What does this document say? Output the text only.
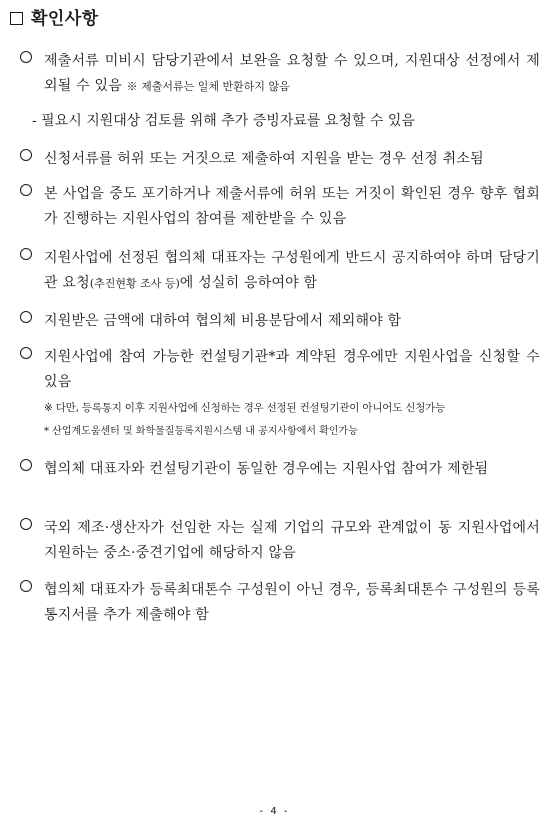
확인사항
제출서류 미비시 담당기관에서 보완을 요청할 수 있으며, 지원대상 선정에서 제외될 수 있음 ※ 제출서류는 일체 반환하지 않음
- 필요시 지원대상 검토를 위해 추가 증빙자료를 요청할 수 있음
신청서류를 허위 또는 거짓으로 제출하여 지원을 받는 경우 선정 취소됨
본 사업을 중도 포기하거나 제출서류에 허위 또는 거짓이 확인된 경우 향후 협회가 진행하는 지원사업의 참여를 제한받을 수 있음
지원사업에 선정된 협의체 대표자는 구성원에게 반드시 공지하여야 하며 담당기관 요청(추진현황 조사 등)에 성실히 응하여야 함
지원받은 금액에 대하여 협의체 비용분담에서 제외해야 함
지원사업에 참여 가능한 컨설팅기관*과 계약된 경우에만 지원사업을 신청할 수 있음
※ 다만, 등록통지 이후 지원사업에 신청하는 경우 선정된 컨설팅기관이 아니어도 신청가능
* 산업계도움센터 및 화학물질등록지원시스템 내 공지사항에서 확인가능
협의체 대표자와 컨설팅기관이 동일한 경우에는 지원사업 참여가 제한됨
국외 제조·생산자가 선임한 자는 실제 기업의 규모와 관계없이 동 지원사업에서 지원하는 중소·중견기업에 해당하지 않음
협의체 대표자가 등록최대톤수 구성원이 아닌 경우, 등록최대톤수 구성원의 등록통지서를 추가 제출해야 함
- 4 -
